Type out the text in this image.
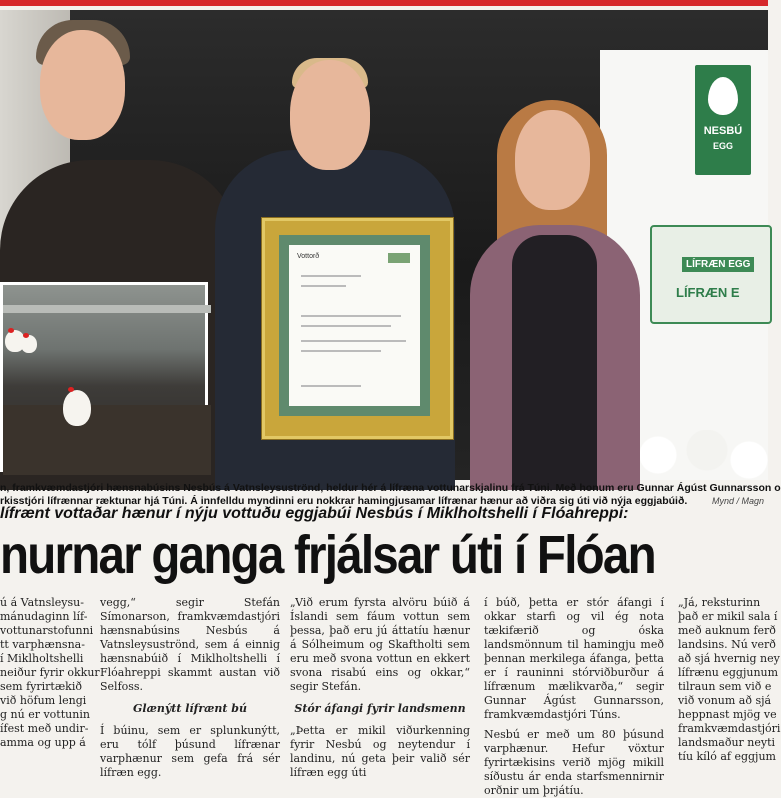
NESBÚ
EGG
LÍFRÆN EGG
LÍFRÆN E
Vottorð
n, framkvæmdastjóri hænsnabúsins Nesbús á Vatnsleysuströnd, heldur hér á lífræna vottunarskjalinu frá Túni. Með honum eru Gunnar Ágúst Gunnarsson o
rkisstjóri lífrænnar ræktunar hjá Túni. Á innfelldu myndinni eru nokkrar hamingjusamar lífrænar hænur að viðra sig úti við nýja eggjabúið.	Mynd / Magn
lífrænt vottaðar hænur í nýju vottuðu eggjabúi Nesbús í Miklholtshelli í Flóahreppi:
nurnar ganga frjálsar úti í Flóan

ú á Vatnsleysu-

mánudaginn líf-

vottunarstofunni

tt varphænsna-

í Miklholtshelli

neiður fyrir okkur

sem fyrirtækið

við höfum lengi

g nú er vottunin

ífest með undir-

amma og upp á

vegg,“ segir Stefán Símonarson, framkvæmdastjóri hænsnabúsins Nesbús á Vatnsleysuströnd, sem á einnig hænsnabúið í Miklholtshelli í Flóahreppi skammt austan við Selfoss.

Glænýtt lífrænt bú

Í búinu, sem er splunkunýtt, eru tólf þúsund lífrænar varphænur sem gefa frá sér lífræn egg.

„Við erum fyrsta alvöru búið á Íslandi sem fáum vottun sem þessa, það eru jú áttatíu hænur á Sólheimum og Skaftholti sem eru með svona vottun en ekkert svona risabú eins og okkar,“ segir Stefán.

Stór áfangi fyrir landsmenn

„Þetta er mikil viðurkenning fyrir Nesbú og neytendur í landinu, nú geta þeir valið sér lífræn egg úti

í búð, þetta er stór áfangi í okkar starfi og vil ég nota tækifærið og óska landsmönnum til hamingju með þennan merkilega áfanga, þetta er í rauninni stórviðburður á lífrænum mælikvarða,“ segir Gunnar Ágúst Gunnarsson, framkvæmdastjóri Túns.

Nesbú er með um 80 þúsund varphænur. Hefur vöxtur fyrirtækisins verið mjög mikill síðustu ár enda starfsmennirnir orðnir um þrjátíu.

„Já, reksturinn

það er mikil sala í

með auknum ferð

landsins. Nú verð

að sjá hvernig ney

lífrænu eggjunum

tilraun sem við e

við vonum að sjá

heppnast mjög ve

framkvæmdastjóri

landsmaður neyti

tíu kíló af eggjum
